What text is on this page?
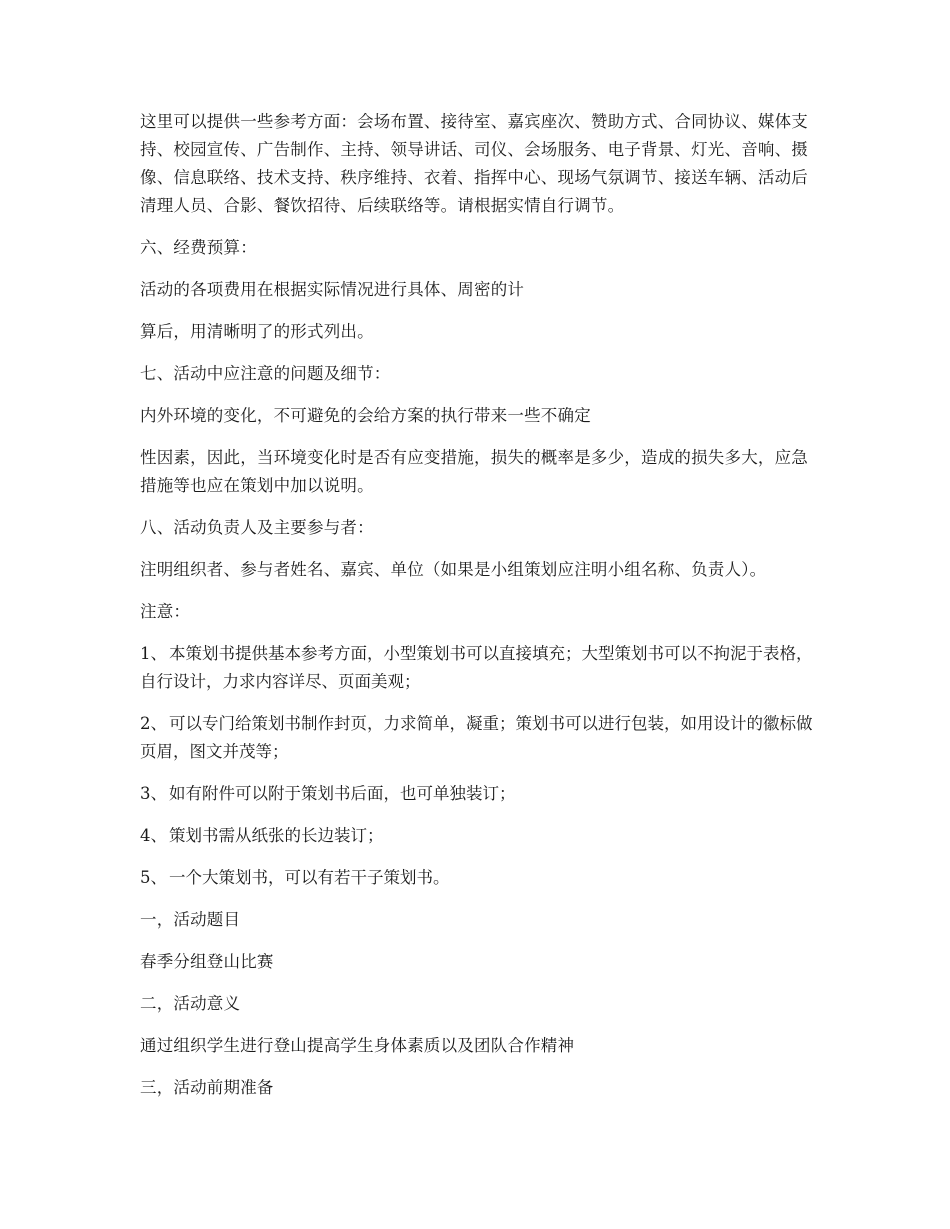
这里可以提供一些参考方面：会场布置、接待室、嘉宾座次、赞助方式、合同协议、媒体支持、校园宣传、广告制作、主持、领导讲话、司仪、会场服务、电子背景、灯光、音响、摄像、信息联络、技术支持、秩序维持、衣着、指挥中心、现场气氛调节、接送车辆、活动后清理人员、合影、餐饮招待、后续联络等。请根据实情自行调节。

六、经费预算：

活动的各项费用在根据实际情况进行具体、周密的计

算后，用清晰明了的形式列出。

七、活动中应注意的问题及细节：

内外环境的变化，不可避免的会给方案的执行带来一些不确定

性因素，因此，当环境变化时是否有应变措施，损失的概率是多少，造成的损失多大，应急措施等也应在策划中加以说明。

八、活动负责人及主要参与者：

注明组织者、参与者姓名、嘉宾、单位（如果是小组策划应注明小组名称、负责人）。

注意：

1、 本策划书提供基本参考方面，小型策划书可以直接填充；大型策划书可以不拘泥于表格，自行设计，力求内容详尽、页面美观；

2、 可以专门给策划书制作封页，力求简单，凝重；策划书可以进行包装，如用设计的徽标做页眉，图文并茂等；

3、 如有附件可以附于策划书后面，也可单独装订；

4、 策划书需从纸张的长边装订；

5、 一个大策划书，可以有若干子策划书。

一，活动题目

春季分组登山比赛

二，活动意义

通过组织学生进行登山提高学生身体素质以及团队合作精神

三，活动前期准备
